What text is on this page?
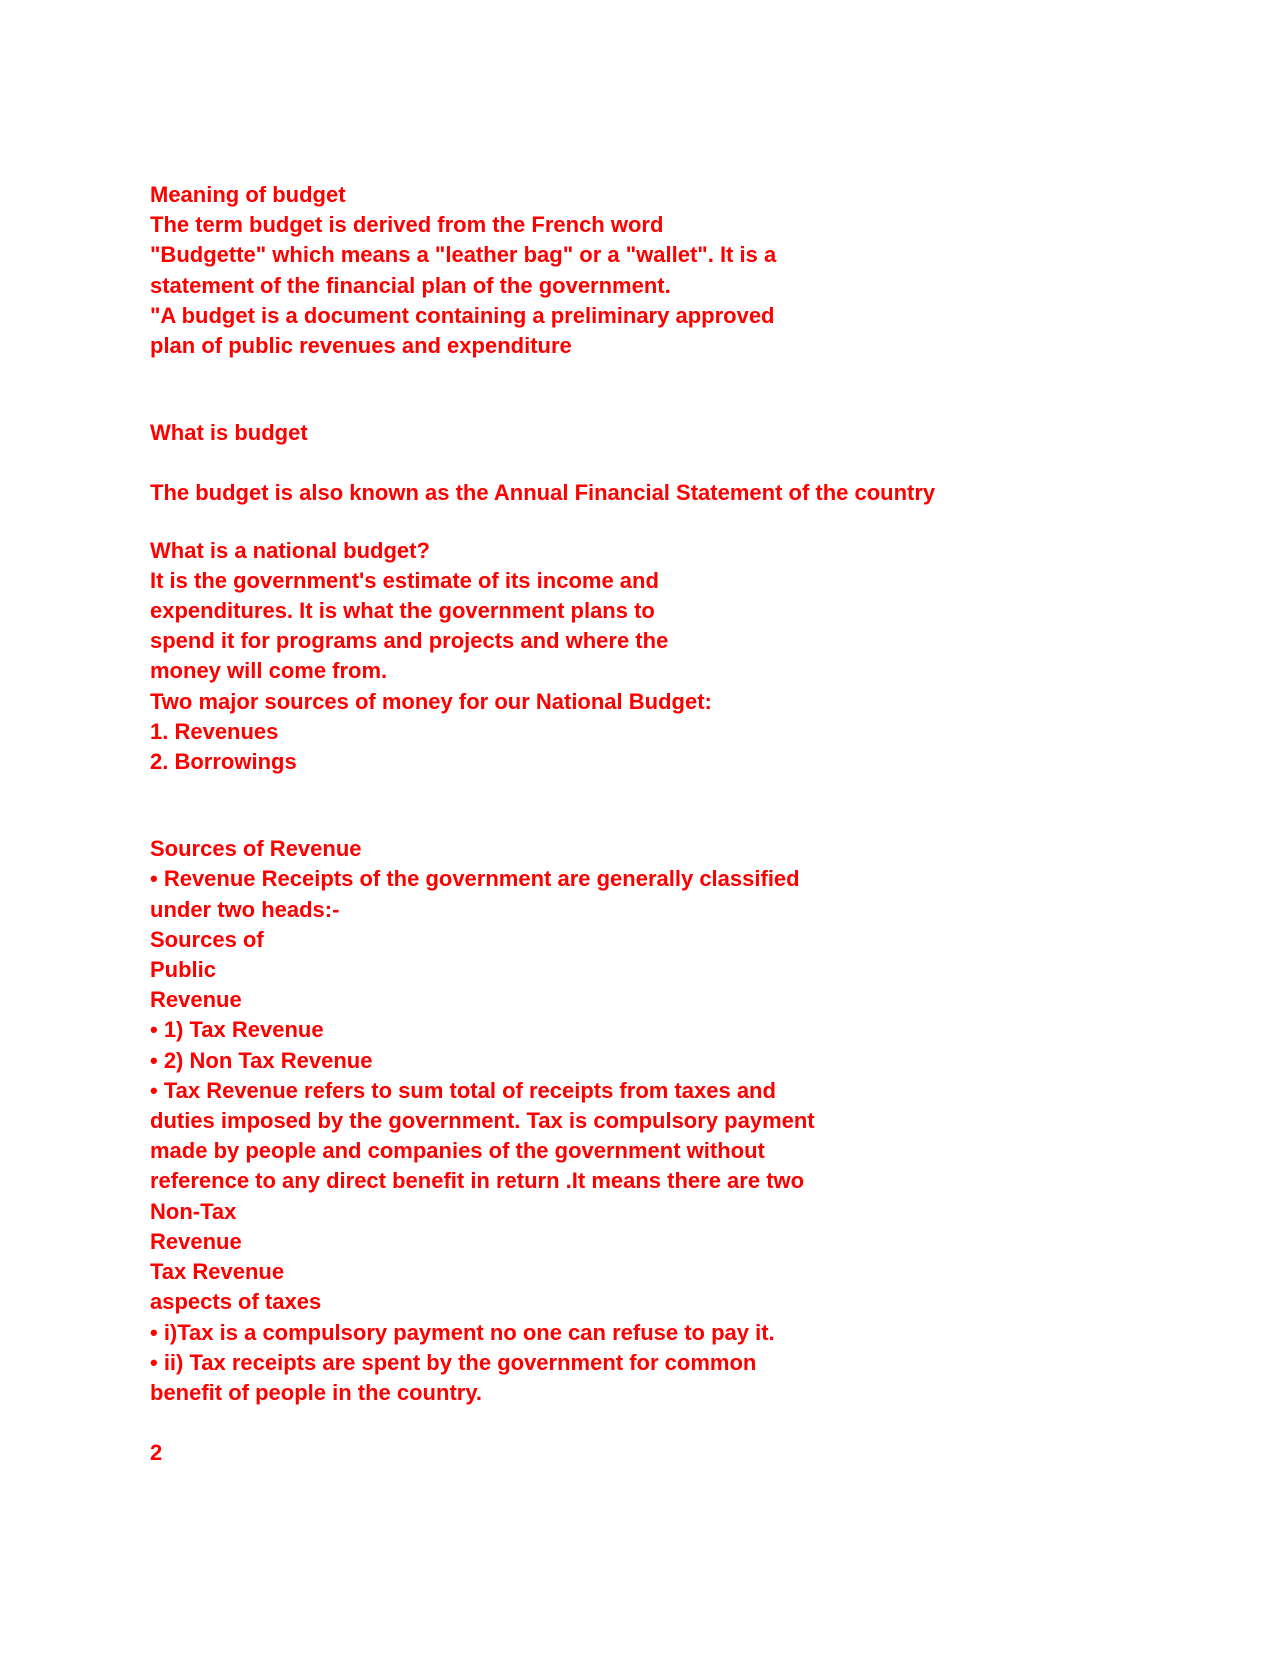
Meaning of budget
The term budget is derived from the French word
"Budgette" which means a "leather bag" or a "wallet". It is a
statement of the financial plan of the government.
"A budget is a document containing a preliminary approved
plan of public revenues and expenditure
What is budget
The budget is also known as the Annual Financial Statement of the country
What is a national budget?
It is the government's estimate of its income and
expenditures. It is what the government plans to
spend it for programs and projects and where the
money will come from.
Two major sources of money for our National Budget:
1. Revenues
2. Borrowings
Sources of Revenue
• Revenue Receipts of the government are generally classified
under two heads:-
Sources of
Public
Revenue
• 1) Tax Revenue
• 2) Non Tax Revenue
• Tax Revenue refers to sum total of receipts from taxes and
duties imposed by the government. Tax is compulsory payment
made by people and companies of the government without
reference to any direct benefit in return .It means there are two
Non-Tax
Revenue
Tax Revenue
aspects of taxes
• i)Tax is a compulsory payment no one can refuse to pay it.
• ii) Tax receipts are spent by the government for common
benefit of people in the country.
2
